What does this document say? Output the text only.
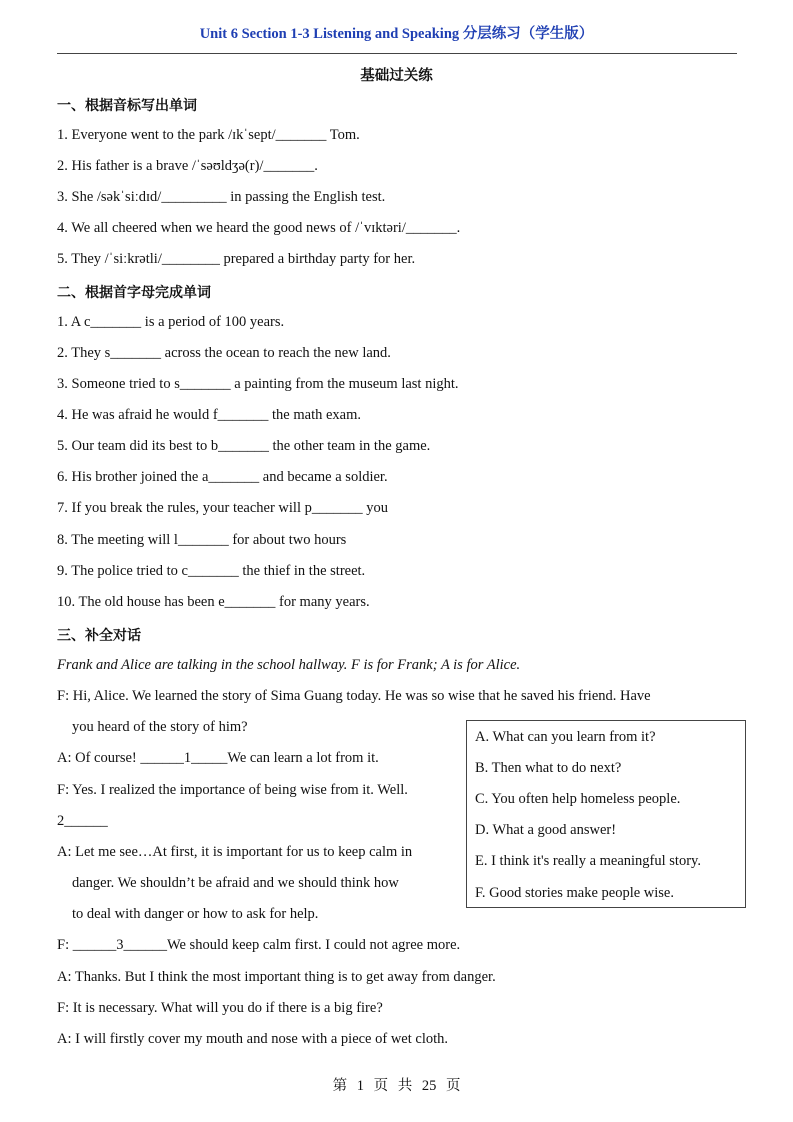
Unit 6 Section 1-3 Listening and Speaking 分层练习（学生版）
基础过关练
一、根据音标写出单词
1. Everyone went to the park /ɪkˈsept/_______ Tom.
2. His father is a brave /ˈsəʊldʒə(r)/_______.
3. She /səkˈsiːdɪd/_________ in passing the English test.
4. We all cheered when we heard the good news of /ˈvɪktəri/_______.
5. They /ˈsiːkrətli/________ prepared a birthday party for her.
二、根据首字母完成单词
1. A c_______ is a period of 100 years.
2. They s_______ across the ocean to reach the new land.
3. Someone tried to s_______ a painting from the museum last night.
4. He was afraid he would f_______ the math exam.
5. Our team did its best to b_______ the other team in the game.
6. His brother joined the a_______ and became a soldier.
7. If you break the rules, your teacher will p_______ you
8. The meeting will l_______ for about two hours
9. The police tried to c_______ the thief in the street.
10. The old house has been e_______ for many years.
三、补全对话
Frank and Alice are talking in the school hallway. F is for Frank; A is for Alice.
F: Hi, Alice. We learned the story of Sima Guang today. He was so wise that he saved his friend. Have
you heard of the story of him?
A: Of course! ______1_____We can learn a lot from it.
F: Yes. I realized the importance of being wise from it. Well.
2______
A: Let me see…At first, it is important for us to keep calm in
danger. We shouldn’t be afraid and we should think how
to deal with danger or how to ask for help.
F: ______3______We should keep calm first. I could not agree more.
A: Thanks. But I think the most important thing is to get away from danger.
F: It is necessary. What will you do if there is a big fire?
A: I will firstly cover my mouth and nose with a piece of wet cloth.
A. What can you learn from it?
B. Then what to do next?
C. You often help homeless people.
D. What a good answer!
E. I think it's really a meaningful story.
F. Good stories make people wise.
第 1 页 共 25 页
